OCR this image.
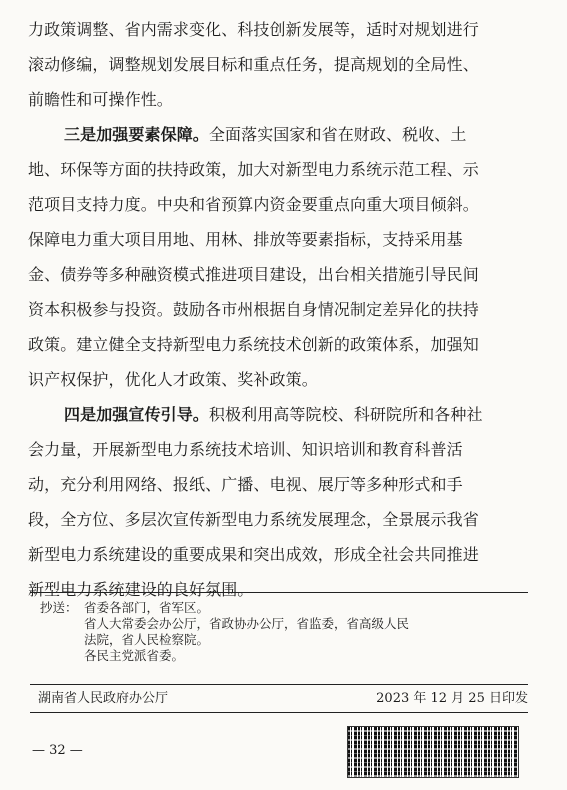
力政策调整、省内需求变化、科技创新发展等，适时对规划进行
滚动修编，调整规划发展目标和重点任务，提高规划的全局性、
前瞻性和可操作性。
三是加强要素保障。全面落实国家和省在财政、税收、土
地、环保等方面的扶持政策，加大对新型电力系统示范工程、示
范项目支持力度。中央和省预算内资金要重点向重大项目倾斜。
保障电力重大项目用地、用林、排放等要素指标，支持采用基
金、债券等多种融资模式推进项目建设，出台相关措施引导民间
资本积极参与投资。鼓励各市州根据自身情况制定差异化的扶持
政策。建立健全支持新型电力系统技术创新的政策体系，加强知
识产权保护，优化人才政策、奖补政策。
四是加强宣传引导。积极利用高等院校、科研院所和各种社
会力量，开展新型电力系统技术培训、知识培训和教育科普活
动，充分利用网络、报纸、广播、电视、展厅等多种形式和手
段，全方位、多层次宣传新型电力系统发展理念，全景展示我省
新型电力系统建设的重要成果和突出成效，形成全社会共同推进
新型电力系统建设的良好氛围。
抄送： 省委各部门，省军区。
省人大常委会办公厅，省政协办公厅，省监委，省高级人民
法院，省人民检察院。
各民主党派省委。
湖南省人民政府办公厅	2023 年 12 月 25 日印发
— 32 —
